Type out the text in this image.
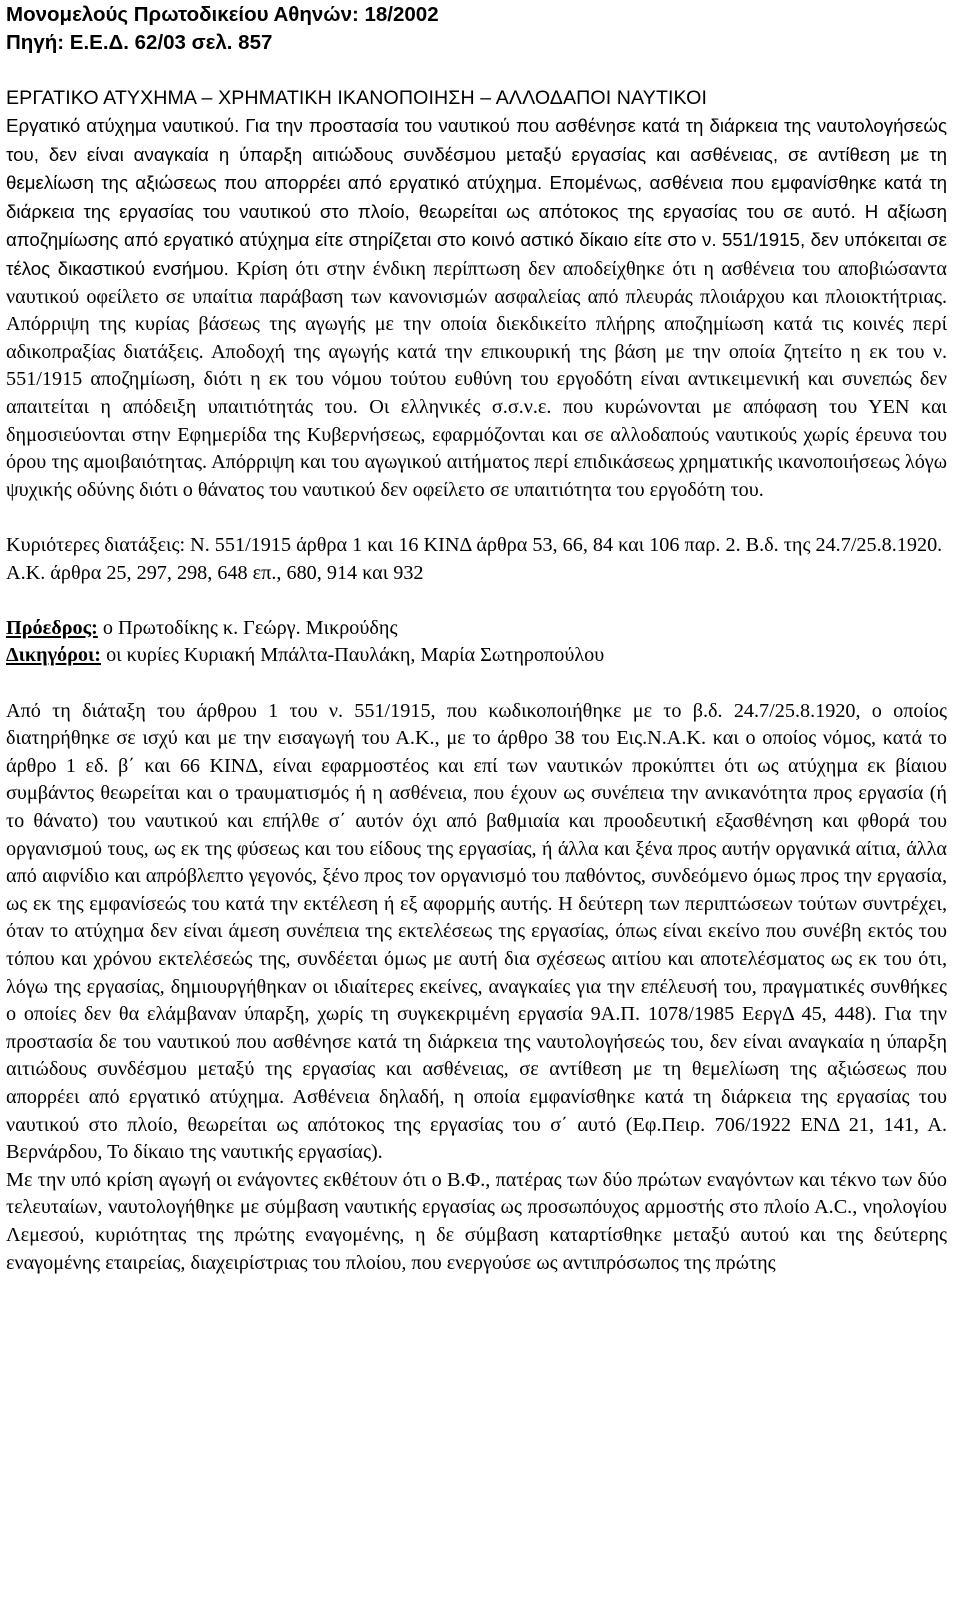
Μονομελούς Πρωτοδικείου Αθηνών: 18/2002

Πηγή: Ε.Ε.Δ. 62/03 σελ. 857

ΕΡΓΑΤΙΚΟ ΑΤΥΧΗΜΑ – ΧΡΗΜΑΤΙΚΗ ΙΚΑΝΟΠΟΙΗΣΗ – ΑΛΛΟΔΑΠΟΙ ΝΑΥΤΙΚΟΙ

Εργατικό ατύχημα ναυτικού. Για την προστασία του ναυτικού που ασθένησε κατά τη διάρκεια της ναυτολογήσεώς του, δεν είναι αναγκαία η ύπαρξη αιτιώδους συνδέσμου μεταξύ εργασίας και ασθένειας, σε αντίθεση με τη θεμελίωση της αξιώσεως που απορρέει από εργατικό ατύχημα. Επομένως, ασθένεια που εμφανίσθηκε κατά τη διάρκεια της εργασίας του ναυτικού στο πλοίο, θεωρείται ως απότοκος της εργασίας του σε αυτό. Η αξίωση αποζημίωσης από εργατικό ατύχημα είτε στηρίζεται στο κοινό αστικό δίκαιο είτε στο ν. 551/1915, δεν υπόκειται σε τέλος δικαστικού ενσήμου. Κρίση ότι στην ένδικη περίπτωση δεν αποδείχθηκε ότι η ασθένεια του αποβιώσαντα ναυτικού οφείλετο σε υπαίτια παράβαση των κανονισμών ασφαλείας από πλευράς πλοιάρχου και πλοιοκτήτριας. Απόρριψη της κυρίας βάσεως της αγωγής με την οποία διεκδικείτο πλήρης αποζημίωση κατά τις κοινές περί αδικοπραξίας διατάξεις. Αποδοχή της αγωγής κατά την επικουρική της βάση με την οποία ζητείτο η εκ του ν. 551/1915 αποζημίωση, διότι η εκ του νόμου τούτου ευθύνη του εργοδότη είναι αντικειμενική και συνεπώς δεν απαιτείται η απόδειξη υπαιτιότητάς του. Οι ελληνικές σ.σ.ν.ε. που κυρώνονται με απόφαση του ΥΕΝ και δημοσιεύονται στην Εφημερίδα της Κυβερνήσεως, εφαρμόζονται και σε αλλοδαπούς ναυτικούς χωρίς έρευνα του όρου της αμοιβαιότητας. Απόρριψη και του αγωγικού αιτήματος περί επιδικάσεως χρηματικής ικανοποιήσεως λόγω ψυχικής οδύνης διότι ο θάνατος του ναυτικού δεν οφείλετο σε υπαιτιότητα του εργοδότη του.

Κυριότερες διατάξεις: Ν. 551/1915 άρθρα 1 και 16 ΚΙΝΔ άρθρα 53, 66, 84 και 106 παρ. 2. Β.δ. της 24.7/25.8.1920. Α.Κ. άρθρα 25, 297, 298, 648 επ., 680, 914 και 932

Πρόεδρος: ο Πρωτοδίκης κ. Γεώργ. Μικρούδης

Δικηγόροι: οι κυρίες Κυριακή Μπάλτα-Παυλάκη, Μαρία Σωτηροπούλου

Από τη διάταξη του άρθρου 1 του ν. 551/1915, που κωδικοποιήθηκε με το β.δ. 24.7/25.8.1920, ο οποίος διατηρήθηκε σε ισχύ και με την εισαγωγή του Α.Κ., με το άρθρο 38 του Εις.Ν.Α.Κ. και ο οποίος νόμος, κατά το άρθρο 1 εδ. β΄ και 66 ΚΙΝΔ, είναι εφαρμοστέος και επί των ναυτικών προκύπτει ότι ως ατύχημα εκ βίαιου συμβάντος θεωρείται και ο τραυματισμός ή η ασθένεια, που έχουν ως συνέπεια την ανικανότητα προς εργασία (ή το θάνατο) του ναυτικού και επήλθε σ΄ αυτόν όχι από βαθμιαία και προοδευτική εξασθένηση και φθορά του οργανισμού τους, ως εκ της φύσεως και του είδους της εργασίας, ή άλλα και ξένα προς αυτήν οργανικά αίτια, άλλα από αιφνίδιο και απρόβλεπτο γεγονός, ξένο προς τον οργανισμό του παθόντος, συνδεόμενο όμως προς την εργασία, ως εκ της εμφανίσεώς του κατά την εκτέλεση ή εξ αφορμής αυτής. Η δεύτερη των περιπτώσεων τούτων συντρέχει, όταν το ατύχημα δεν είναι άμεση συνέπεια της εκτελέσεως της εργασίας, όπως είναι εκείνο που συνέβη εκτός του τόπου και χρόνου εκτελέσεώς της, συνδέεται όμως με αυτή δια σχέσεως αιτίου και αποτελέσματος ως εκ του ότι, λόγω της εργασίας, δημιουργήθηκαν οι ιδιαίτερες εκείνες, αναγκαίες για την επέλευσή του, πραγματικές συνθήκες ο οποίες δεν θα ελάμβαναν ύπαρξη, χωρίς τη συγκεκριμένη εργασία 9Α.Π. 1078/1985 ΕεργΔ 45, 448). Για την προστασία δε του ναυτικού που ασθένησε κατά τη διάρκεια της ναυτολογήσεώς του, δεν είναι αναγκαία η ύπαρξη αιτιώδους συνδέσμου μεταξύ της εργασίας και ασθένειας, σε αντίθεση με τη θεμελίωση της αξιώσεως που απορρέει από εργατικό ατύχημα. Ασθένεια δηλαδή, η οποία εμφανίσθηκε κατά τη διάρκεια της εργασίας του ναυτικού στο πλοίο, θεωρείται ως απότοκος της εργασίας του σ΄ αυτό (Εφ.Πειρ. 706/1922 ΕΝΔ 21, 141, Α. Βερνάρδου, Το δίκαιο της ναυτικής εργασίας).

Με την υπό κρίση αγωγή οι ενάγοντες εκθέτουν ότι ο Β.Φ., πατέρας των δύο πρώτων εναγόντων και τέκνο των δύο τελευταίων, ναυτολογήθηκε με σύμβαση ναυτικής εργασίας ως προσωπόυχος αρμοστής στο πλοίο Α.C., νηολογίου Λεμεσού, κυριότητας της πρώτης εναγομένης, η δε σύμβαση καταρτίσθηκε μεταξύ αυτού και της δεύτερης εναγομένης εταιρείας, διαχειρίστριας του πλοίου, που ενεργούσε ως αντιπρόσωπος της πρώτης
